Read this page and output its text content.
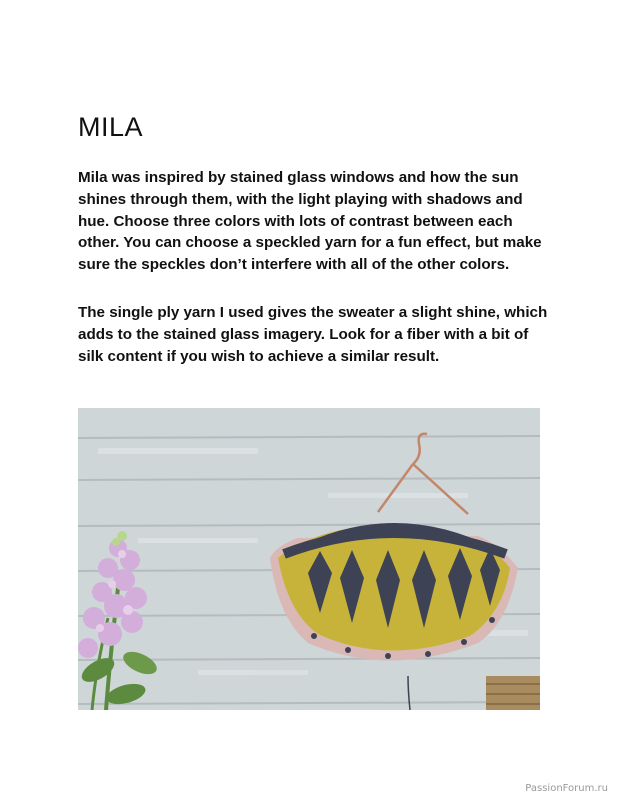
MILA

Mila was inspired by stained glass windows and how the sun shines through them, with the light playing with shadows and hue. Choose three colors with lots of contrast between each other. You can choose a speckled yarn for a fun effect, but make sure the speckles don’t interfere with all of the other colors.

The single ply yarn I used gives the sweater a slight shine, which adds to the stained glass imagery. Look for a fiber with a bit of silk content if you wish to achieve a similar result.

PassionForum.ru
